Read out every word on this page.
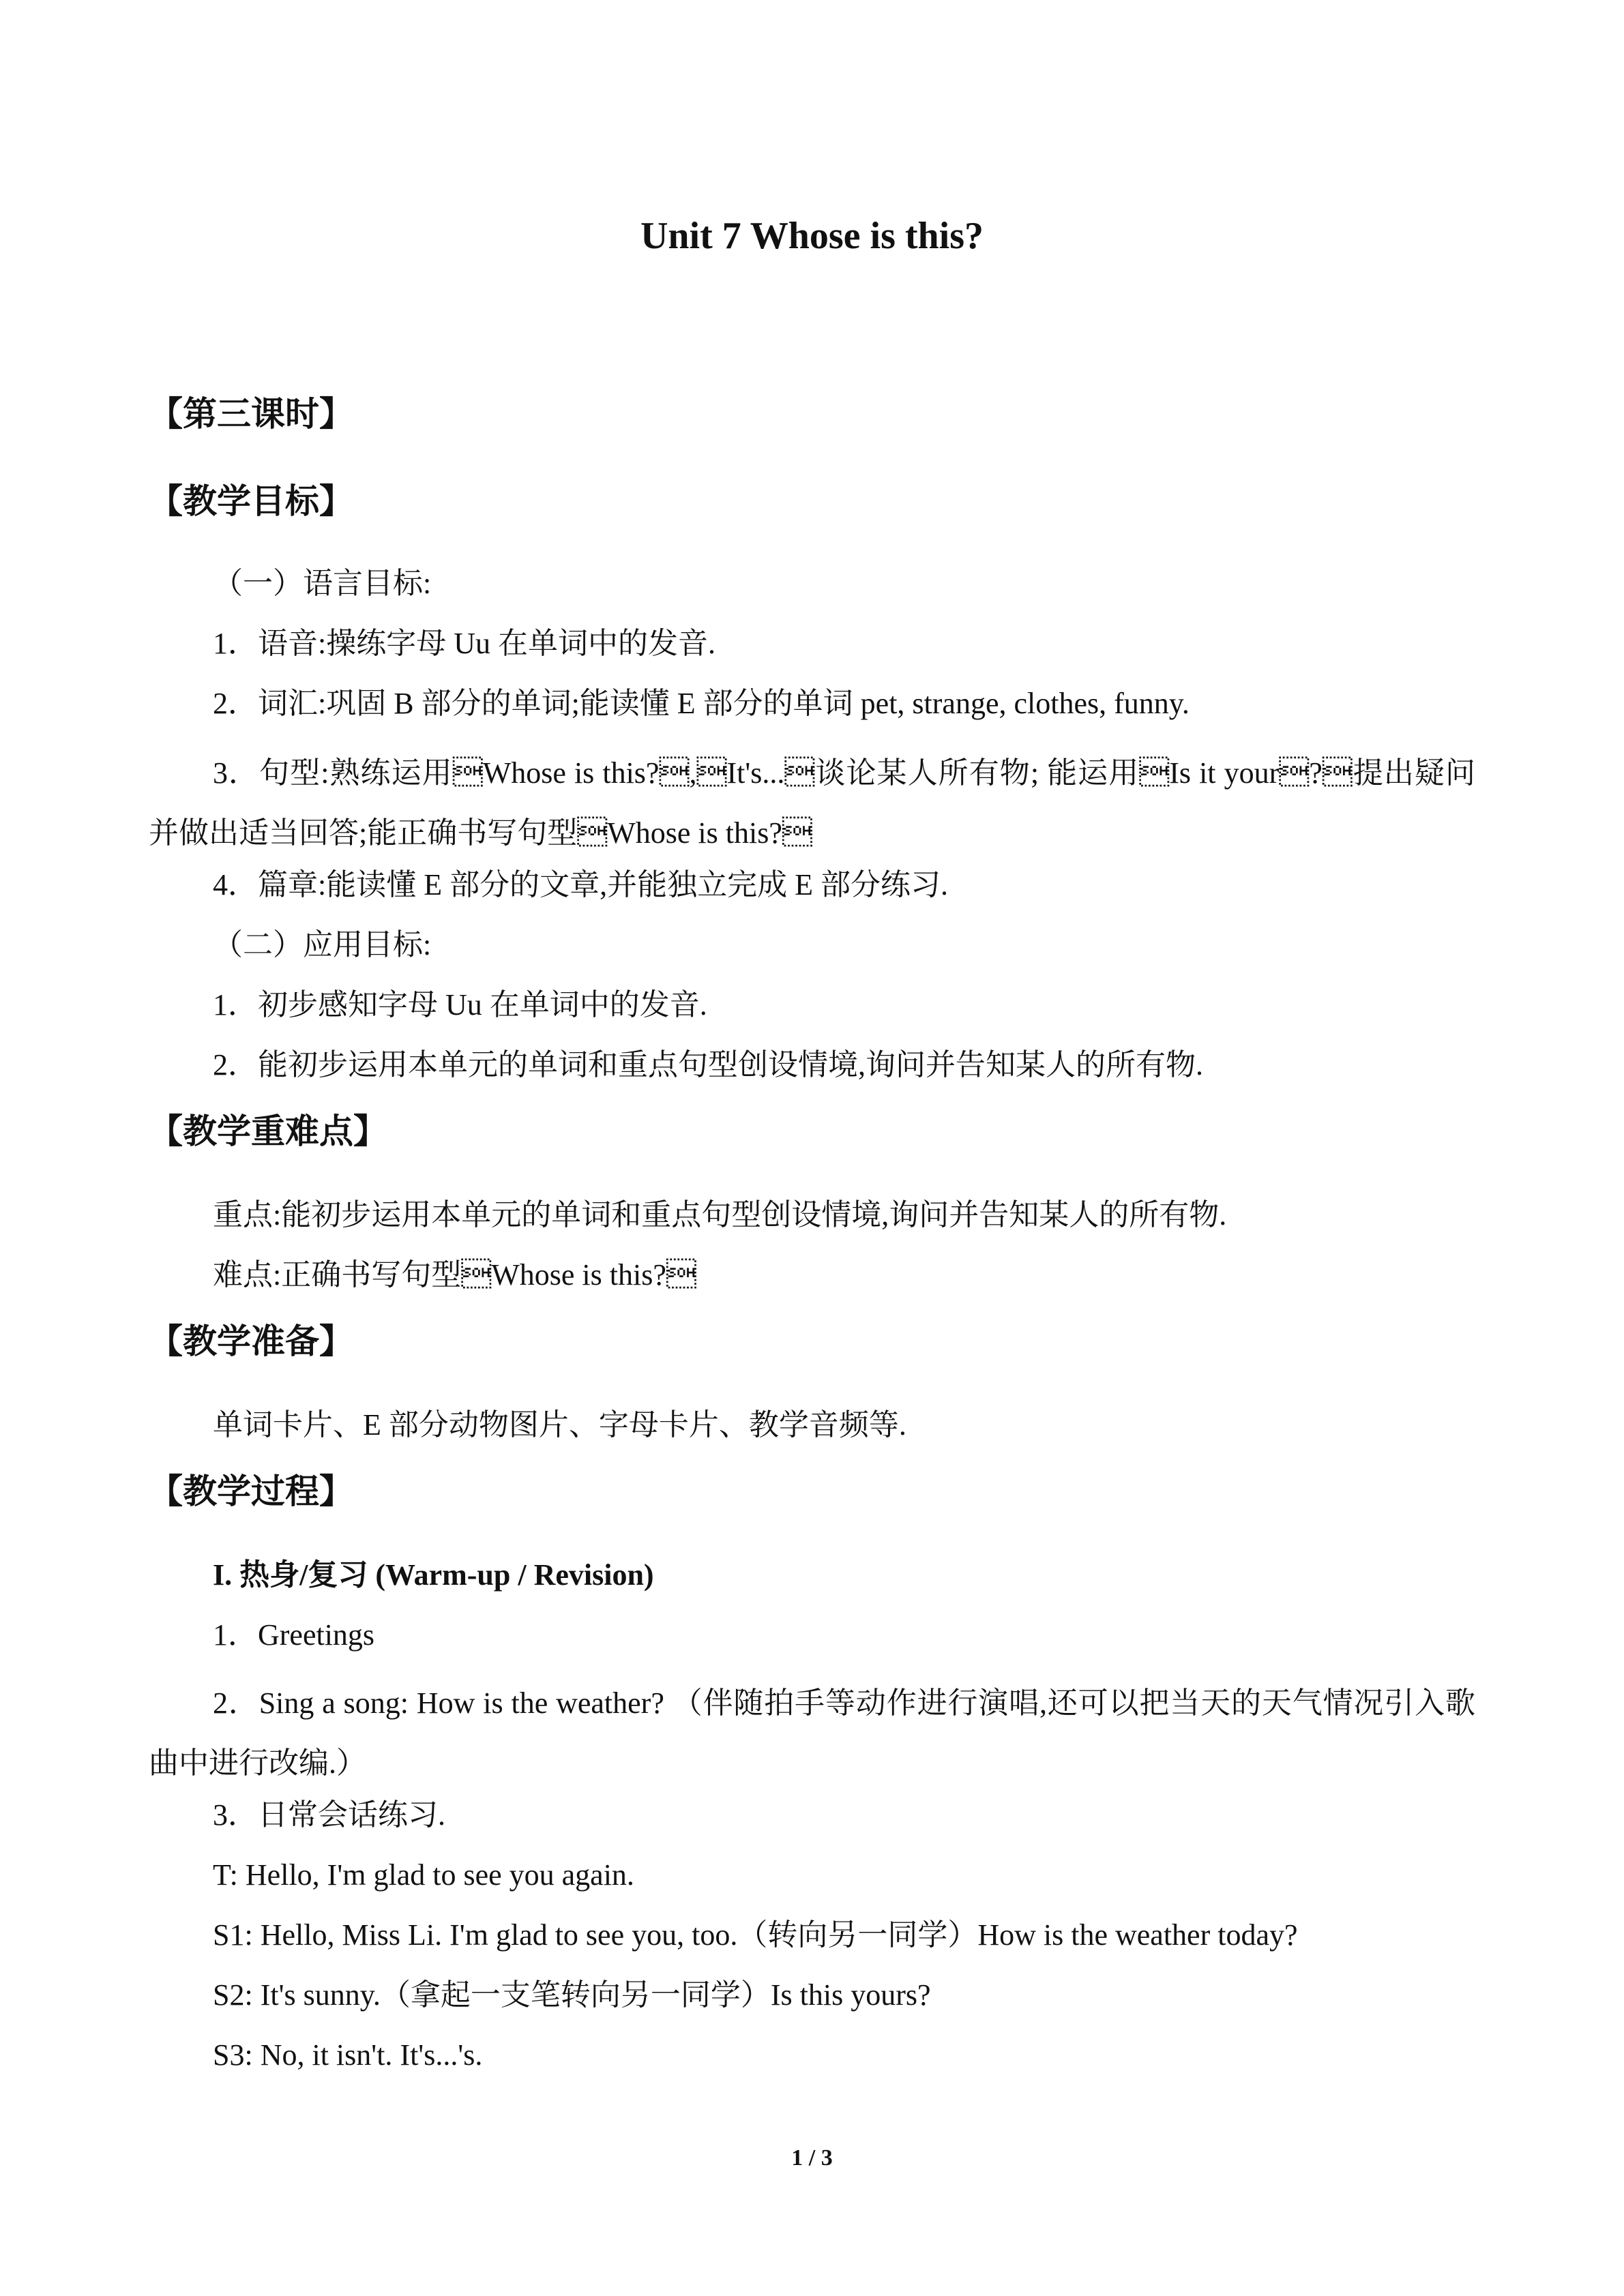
Unit 7 Whose is this?
【第三课时】
【教学目标】
（一）语言目标:
1．语音:操练字母 Uu 在单词中的发音.
2．词汇:巩固 B 部分的单词;能读懂 E 部分的单词 pet, strange, clothes, funny.
3．句型:熟练运用Whose is this?,It's...谈论某人所有物; 能运用Is it your?提出疑问并做出适当回答;能正确书写句型Whose is this?
4．篇章:能读懂 E 部分的文章,并能独立完成 E 部分练习.
（二）应用目标:
1．初步感知字母 Uu 在单词中的发音.
2．能初步运用本单元的单词和重点句型创设情境,询问并告知某人的所有物.
【教学重难点】
重点:能初步运用本单元的单词和重点句型创设情境,询问并告知某人的所有物.
难点:正确书写句型Whose is this?
【教学准备】
单词卡片、E 部分动物图片、字母卡片、教学音频等.
【教学过程】
I. 热身/复习 (Warm-up / Revision)
1．Greetings
2．Sing a song: How is the weather? （伴随拍手等动作进行演唱,还可以把当天的天气情况引入歌曲中进行改编.）
3．日常会话练习.
T: Hello, I'm glad to see you again.
S1: Hello, Miss Li. I'm glad to see you, too.（转向另一同学）How is the weather today?
S2: It's sunny.（拿起一支笔转向另一同学）Is this yours?
S3: No, it isn't. It's...'s.
1 / 3
